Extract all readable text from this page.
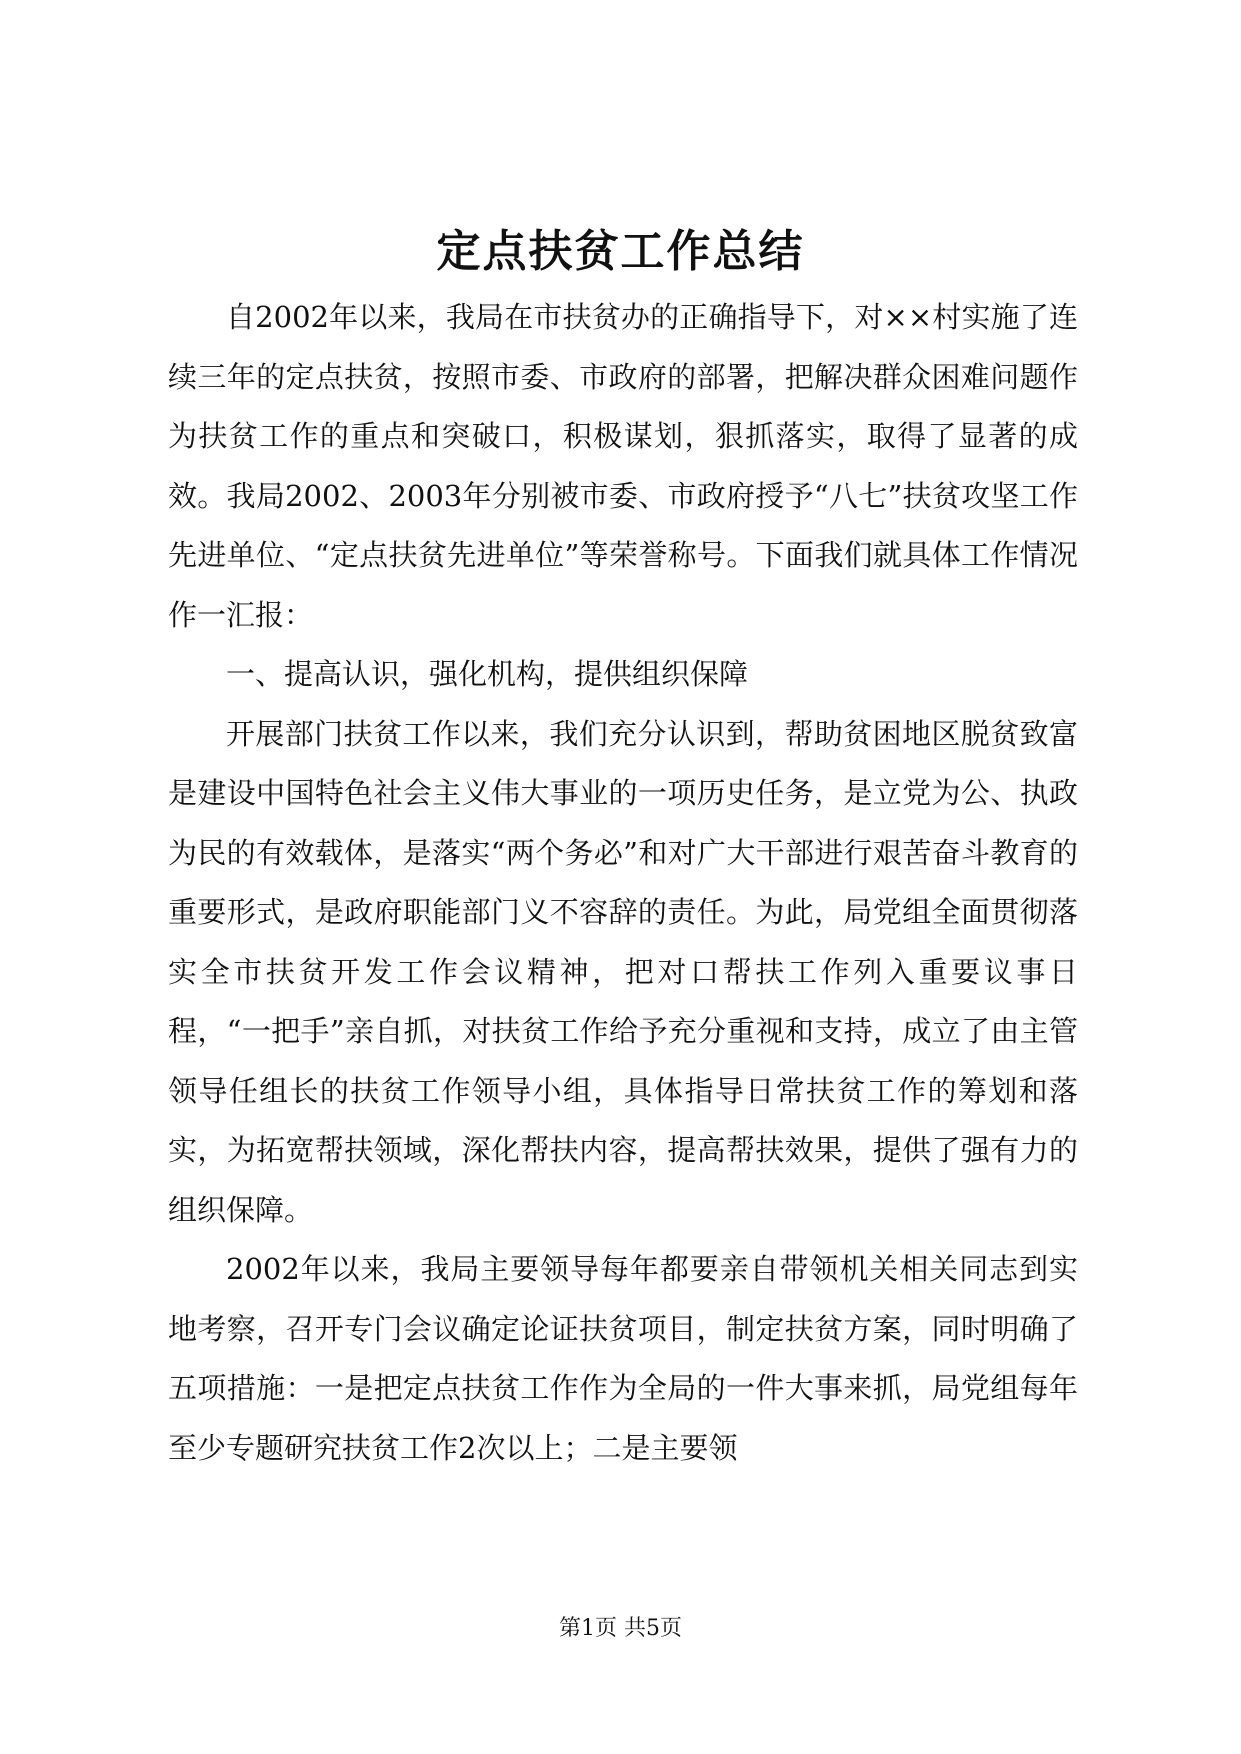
定点扶贫工作总结

自2002年以来，我局在市扶贫办的正确指导下，对××村实施了连续三年的定点扶贫，按照市委、市政府的部署，把解决群众困难问题作为扶贫工作的重点和突破口，积极谋划，狠抓落实，取得了显著的成效。我局2002、2003年分别被市委、市政府授予“八七”扶贫攻坚工作先进单位、“定点扶贫先进单位”等荣誉称号。下面我们就具体工作情况作一汇报：

一、提高认识，强化机构，提供组织保障

开展部门扶贫工作以来，我们充分认识到，帮助贫困地区脱贫致富是建设中国特色社会主义伟大事业的一项历史任务，是立党为公、执政为民的有效载体，是落实“两个务必”和对广大干部进行艰苦奋斗教育的重要形式，是政府职能部门义不容辞的责任。为此，局党组全面贯彻落实全市扶贫开发工作会议精神，把对口帮扶工作列入重要议事日程，“一把手”亲自抓，对扶贫工作给予充分重视和支持，成立了由主管领导任组长的扶贫工作领导小组，具体指导日常扶贫工作的筹划和落实，为拓宽帮扶领域，深化帮扶内容，提高帮扶效果，提供了强有力的组织保障。

2002年以来，我局主要领导每年都要亲自带领机关相关同志到实地考察，召开专门会议确定论证扶贫项目，制定扶贫方案，同时明确了五项措施：一是把定点扶贫工作作为全局的一件大事来抓，局党组每年至少专题研究扶贫工作2次以上；二是主要领

第1页 共5页
